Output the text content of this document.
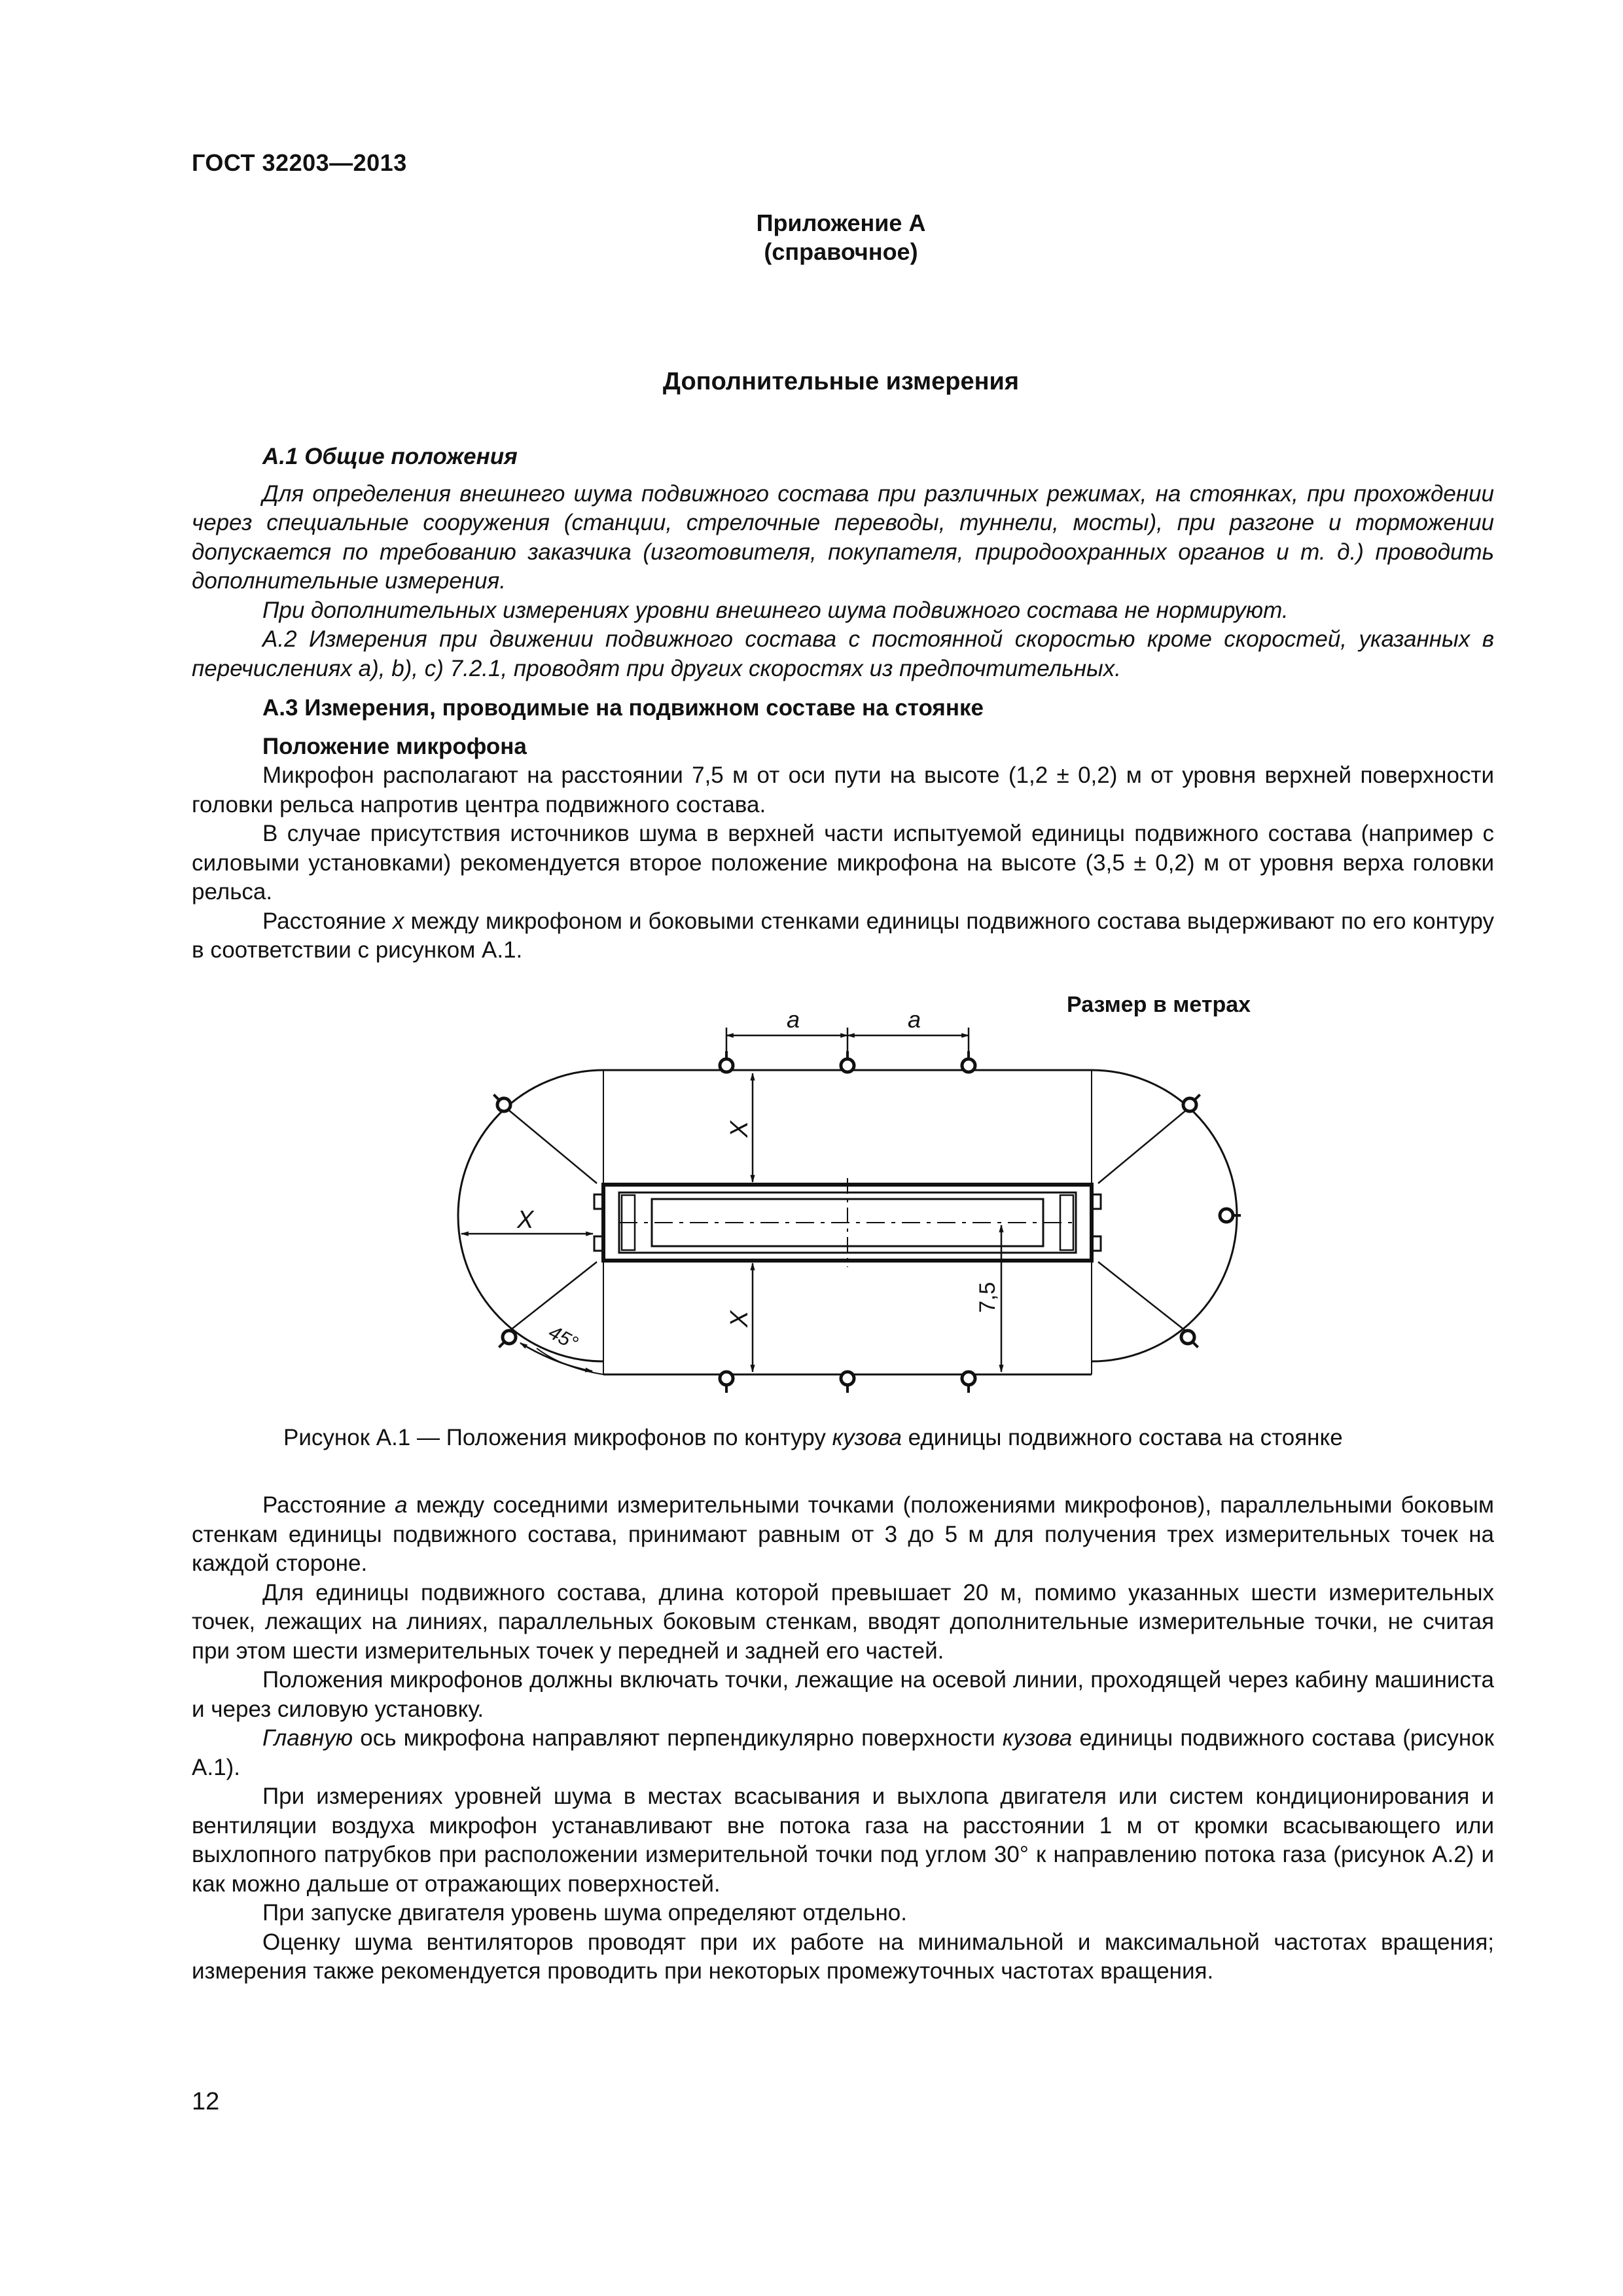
ГОСТ 32203—2013
Приложение А
(справочное)
Дополнительные измерения

А.1 Общие положения

Для определения внешнего шума подвижного состава при различных режимах, на стоянках, при прохождении через специальные сооружения (станции, стрелочные переводы, туннели, мосты), при разгоне и торможении допускается по требованию заказчика (изготовителя, покупателя, природоохранных органов и т. д.) проводить дополнительные измерения.

При дополнительных измерениях уровни внешнего шума подвижного состава не нормируют.

А.2 Измерения при движении подвижного состава с постоянной скоростью кроме скоростей, указанных в перечислениях а), b), с) 7.2.1, проводят при других скоростях из предпочтительных.

А.3 Измерения, проводимые на подвижном составе на стоянке

Положение микрофона

Микрофон располагают на расстоянии 7,5 м от оси пути на высоте (1,2 ± 0,2) м от уровня верхней поверхности головки рельса напротив центра подвижного состава.

В случае присутствия источников шума в верхней части испытуемой единицы подвижного состава (например с силовыми установками) рекомендуется второе положение микрофона на высоте (3,5 ± 0,2) м от уровня верха головки рельса.

Расстояние x между микрофоном и боковыми стенками единицы подвижного состава выдерживают по его контуру в соответствии с рисунком А.1.

Размер в метрах
a	a
X
X
X
7,5
45°
Рисунок А.1 — Положения микрофонов по контуру кузова единицы подвижного состава на стоянке

Расстояние а между соседними измерительными точками (положениями микрофонов), параллельными боковым стенкам единицы подвижного состава, принимают равным от 3 до 5 м для получения трех измерительных точек на каждой стороне.

Для единицы подвижного состава, длина которой превышает 20 м, помимо указанных шести измерительных точек, лежащих на линиях, параллельных боковым стенкам, вводят дополнительные измерительные точки, не считая при этом шести измерительных точек у передней и задней его частей.

Положения микрофонов должны включать точки, лежащие на осевой линии, проходящей через кабину машиниста и через силовую установку.

Главную ось микрофона направляют перпендикулярно поверхности кузова единицы подвижного состава (рисунок А.1).

При измерениях уровней шума в местах всасывания и выхлопа двигателя или систем кондиционирования и вентиляции воздуха микрофон устанавливают вне потока газа на расстоянии 1 м от кромки всасывающего или выхлопного патрубков при расположении измерительной точки под углом 30° к направлению потока газа (рисунок А.2) и как можно дальше от отражающих поверхностей.

При запуске двигателя уровень шума определяют отдельно.

Оценку шума вентиляторов проводят при их работе на минимальной и максимальной частотах вращения; измерения также рекомендуется проводить при некоторых промежуточных частотах вращения.

12
